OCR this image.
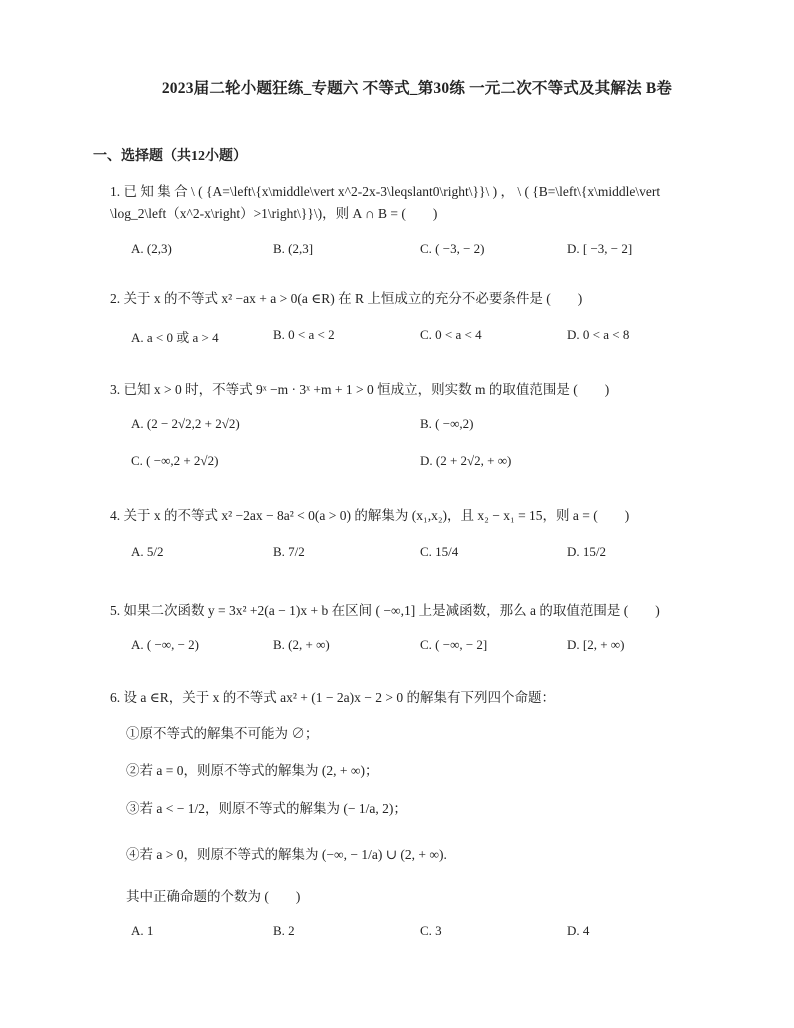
2023届二轮小题狂练_专题六 不等式_第30练 一元二次不等式及其解法 B卷
一、选择题（共12小题）
1. 已 知 集 合 \ ( {A=\left\{x\middle\vert x^2-2x-3\leqslant0\right\}}\ ) ， \ ( {B=\left\{x\middle\vert \log_2\left（x^2-x\right）>1\right\}}\)，则 A ∩ B = (　　)
A. (2,3)	B. (2,3]	C. ( −3, − 2)	D. [ −3, − 2]
2. 关于 x 的不等式 x² −ax + a > 0(a ∈R) 在 R 上恒成立的充分不必要条件是 (　　)
A. a < 0 或 a > 4	B. 0 < a < 2	C. 0 < a < 4	D. 0 < a < 8
3. 已知 x > 0 时，不等式 9ˣ −m · 3ˣ +m + 1 > 0 恒成立，则实数 m 的取值范围是 (　　)
A. (2 − 2√2,2 + 2√2)	B. ( −∞,2)
C. ( −∞,2 + 2√2)	D. (2 + 2√2, + ∞)
4. 关于 x 的不等式 x² −2ax − 8a² < 0(a > 0) 的解集为 (x₁,x₂)，且 x₂ − x₁ = 15，则 a = (　　)
A. 5/2	B. 7/2	C. 15/4	D. 15/2
5. 如果二次函数 y = 3x² +2(a − 1)x + b 在区间 ( −∞,1] 上是减函数，那么 a 的取值范围是 (　　)
A. ( −∞, − 2)	B. (2, + ∞)	C. ( −∞, − 2]	D. [2, + ∞)
6. 设 a ∈R，关于 x 的不等式 ax² + (1 − 2a)x − 2 > 0 的解集有下列四个命题：
①原不等式的解集不可能为 ∅；
②若 a = 0，则原不等式的解集为 (2, + ∞)；
③若 a < − 1/2，则原不等式的解集为 (− 1/a, 2)；
④若 a > 0，则原不等式的解集为 (−∞, − 1/a) ∪ (2, + ∞).
其中正确命题的个数为 (　　)
A. 1	B. 2	C. 3	D. 4
